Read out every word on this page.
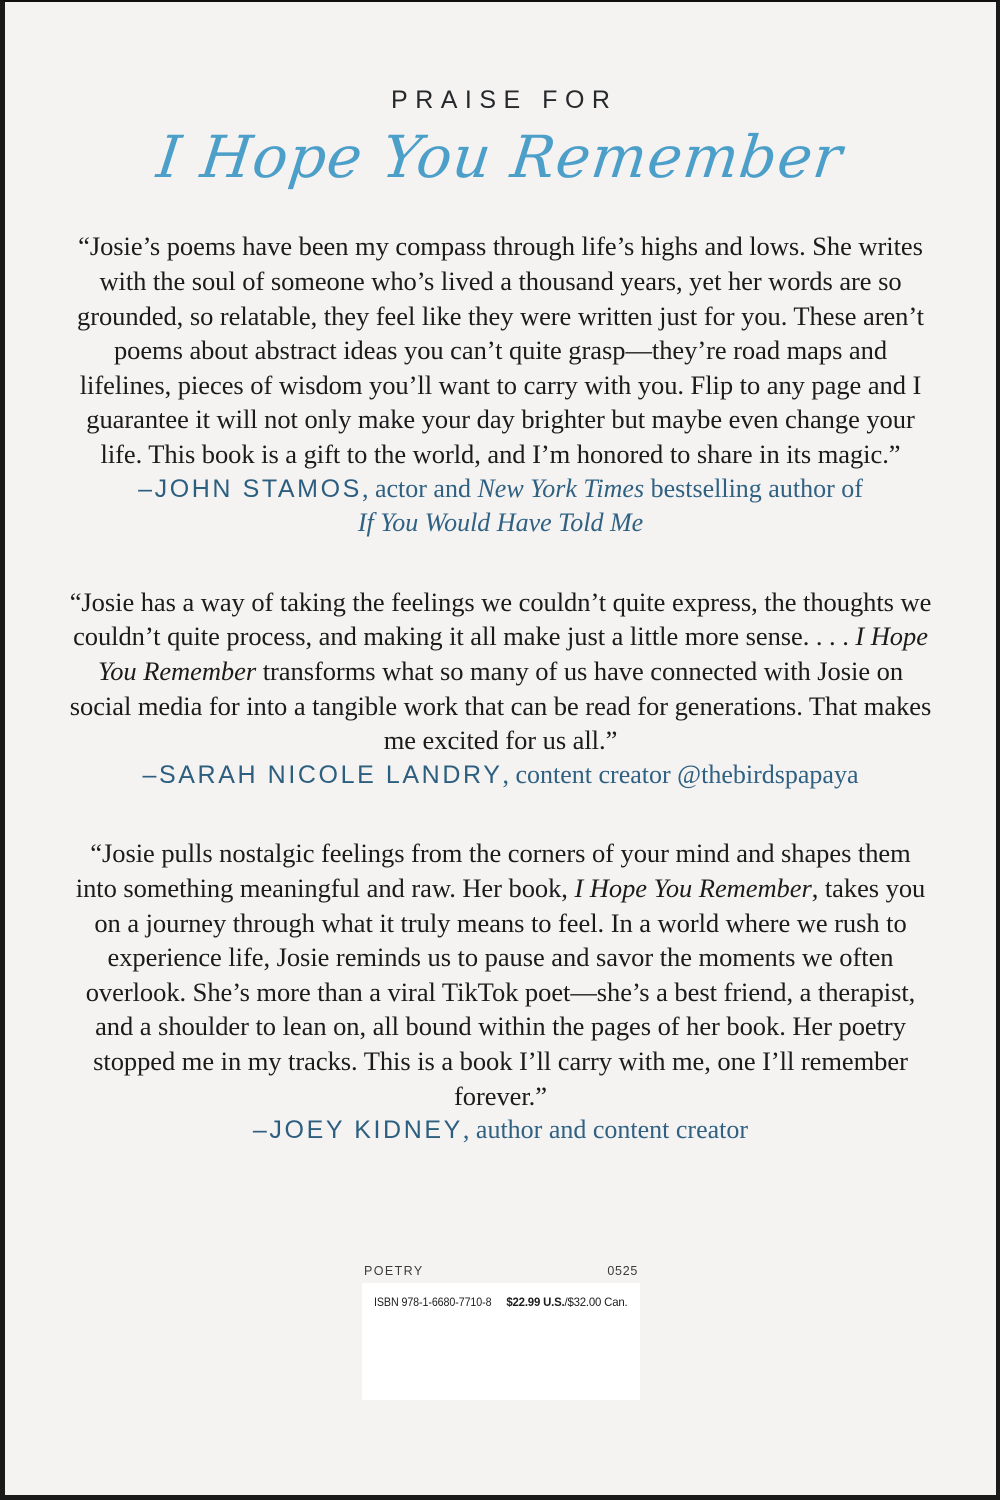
PRAISE FOR
I Hope You Remember

“Josie’s poems have been my compass through life’s highs and lows. She writes with the soul of someone who’s lived a thousand years, yet her words are so grounded, so relatable, they feel like they were written just for you. These aren’t poems about abstract ideas you can’t quite grasp—they’re road maps and lifelines, pieces of wisdom you’ll want to carry with you. Flip to any page and I guarantee it will not only make your day brighter but maybe even change your life. This book is a gift to the world, and I’m honored to share in its magic.”

–JOHN STAMOS, actor and New York Times bestselling author of
If You Would Have Told Me

“Josie has a way of taking the feelings we couldn’t quite express, the thoughts we couldn’t quite process, and making it all make just a little more sense. . . . I Hope You Remember transforms what so many of us have connected with Josie on social media for into a tangible work that can be read for generations. That makes me excited for us all.”

–SARAH NICOLE LANDRY, content creator @thebirdspapaya

“Josie pulls nostalgic feelings from the corners of your mind and shapes them into something meaningful and raw. Her book, I Hope You Remember, takes you on a journey through what it truly means to feel. In a world where we rush to experience life, Josie reminds us to pause and savor the moments we often overlook. She’s more than a viral TikTok poet—she’s a best friend, a therapist, and a shoulder to lean on, all bound within the pages of her book. Her poetry stopped me in my tracks. This is a book I’ll carry with me, one I’ll remember forever.”

–JOEY KIDNEY, author and content creator

POETRY	0525
ISBN 978-1-6680-7710-8 $22.99 U.S./$32.00 Can.
